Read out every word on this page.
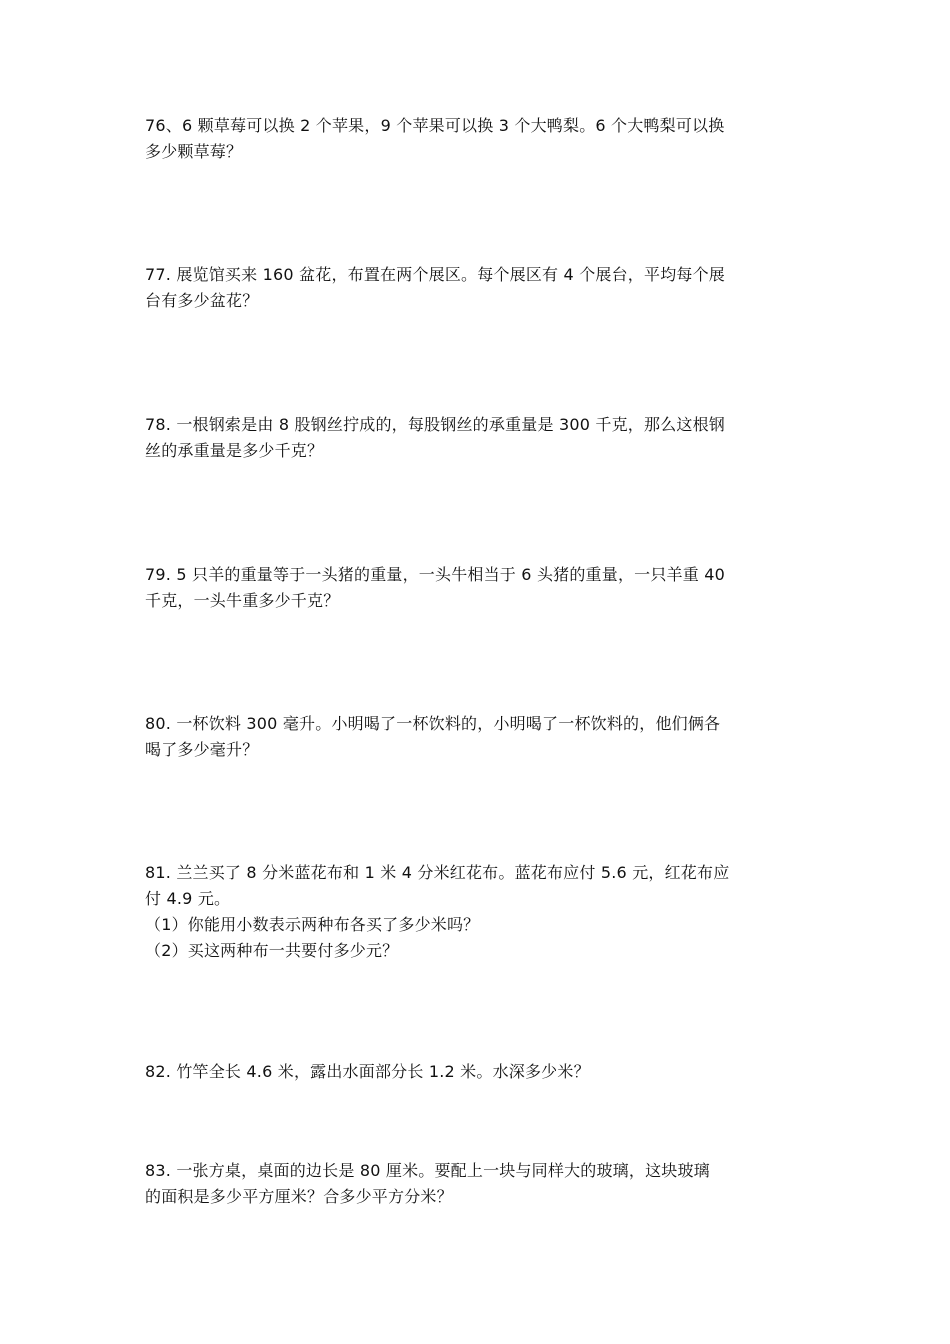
76、6 颗草莓可以换 2 个苹果，9 个苹果可以换 3 个大鸭梨。6 个大鸭梨可以换

多少颗草莓？

77. 展览馆买来 160 盆花，布置在两个展区。每个展区有 4 个展台，平均每个展

台有多少盆花？

78. 一根钢索是由 8 股钢丝拧成的，每股钢丝的承重量是 300 千克，那么这根钢

丝的承重量是多少千克？

79. 5 只羊的重量等于一头猪的重量，一头牛相当于 6 头猪的重量，一只羊重 40

千克，一头牛重多少千克？

80. 一杯饮料 300 毫升。小明喝了一杯饮料的，小明喝了一杯饮料的，他们俩各

喝了多少毫升？

81. 兰兰买了 8 分米蓝花布和 1 米 4 分米红花布。蓝花布应付 5.6 元，红花布应

付 4.9 元。

（1）你能用小数表示两种布各买了多少米吗？

（2）买这两种布一共要付多少元？

82. 竹竿全长 4.6 米，露出水面部分长 1.2 米。水深多少米？

83. 一张方桌，桌面的边长是 80 厘米。要配上一块与同样大的玻璃，这块玻璃

的面积是多少平方厘米？合多少平方分米？
